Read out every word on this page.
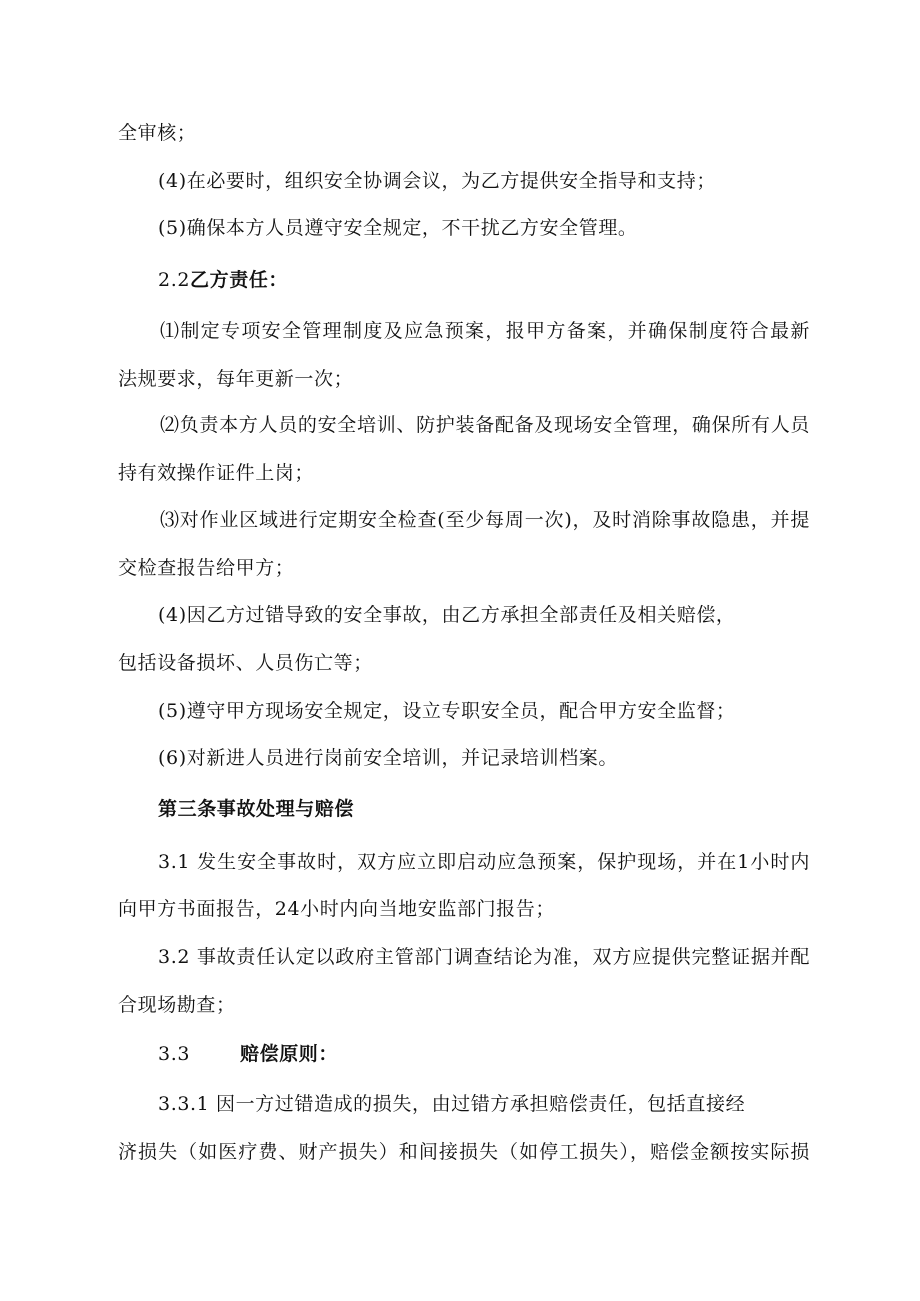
全审核；
(4)在必要时，组织安全协调会议，为乙方提供安全指导和支持；
(5)确保本方人员遵守安全规定，不干扰乙方安全管理。
2.2乙方责任：
⑴制定专项安全管理制度及应急预案，报甲方备案，并确保制度符合最新
法规要求，每年更新一次；
⑵负责本方人员的安全培训、防护装备配备及现场安全管理，确保所有人员
持有效操作证件上岗；
⑶对作业区域进行定期安全检查(至少每周一次)，及时消除事故隐患，并提
交检查报告给甲方；
(4)因乙方过错导致的安全事故，由乙方承担全部责任及相关赔偿，
包括设备损坏、人员伤亡等；
(5)遵守甲方现场安全规定，设立专职安全员，配合甲方安全监督；
(6)对新进人员进行岗前安全培训，并记录培训档案。
第三条事故处理与赔偿
3.1 发生安全事故时，双方应立即启动应急预案，保护现场，并在1小时内
向甲方书面报告，24小时内向当地安监部门报告；
3.2 事故责任认定以政府主管部门调查结论为准，双方应提供完整证据并配
合现场勘查；
3.3	赔偿原则：
3.3.1 因一方过错造成的损失，由过错方承担赔偿责任，包括直接经
济损失（如医疗费、财产损失）和间接损失（如停工损失），赔偿金额按实际损
